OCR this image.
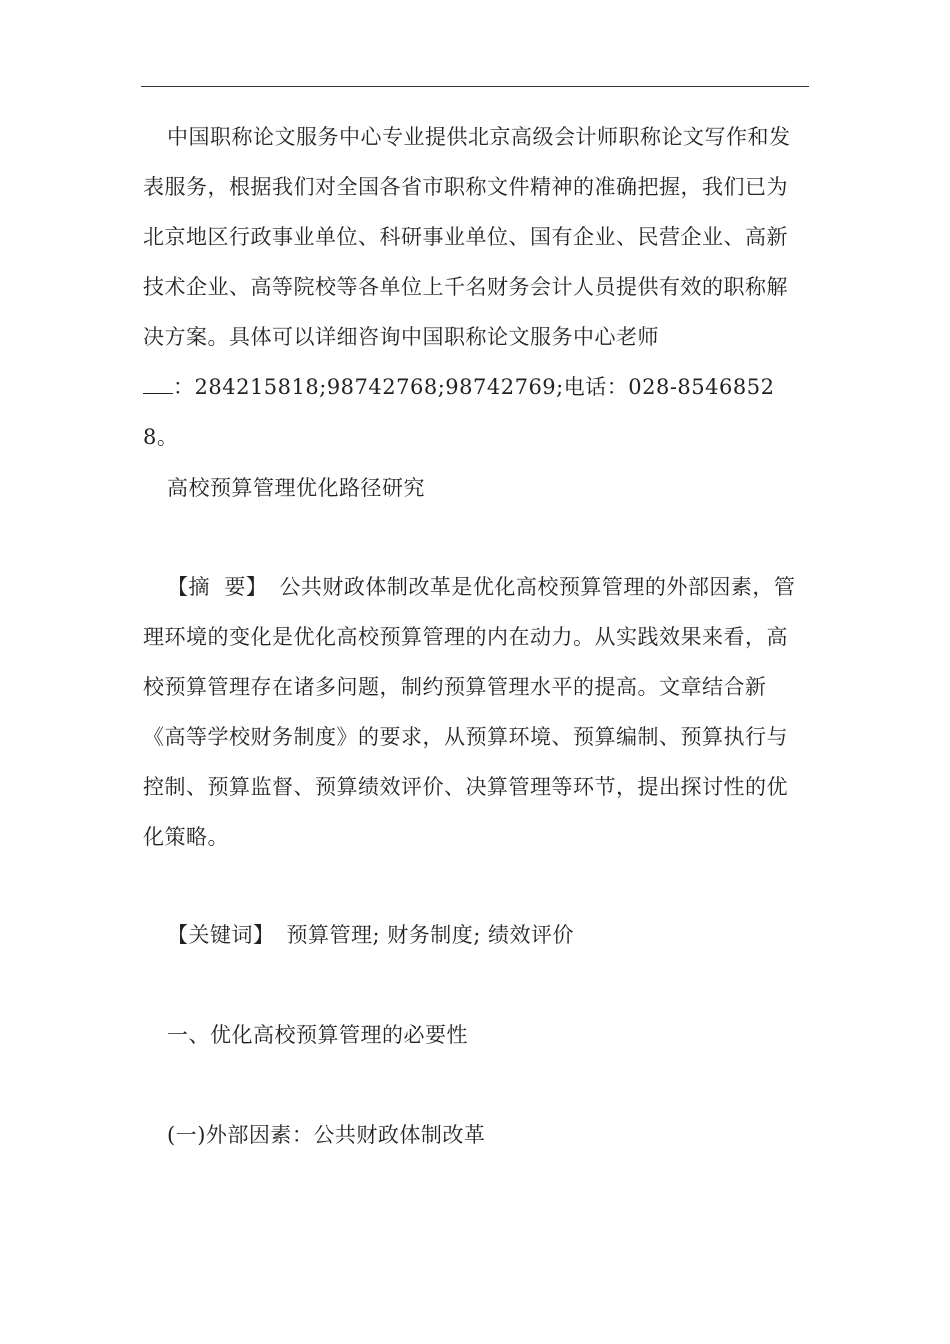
中国职称论文服务中心专业提供北京高级会计师职称论文写作和发表服务，根据我们对全国各省市职称文件精神的准确把握，我们已为北京地区行政事业单位、科研事业单位、国有企业、民营企业、高新技术企业、高等院校等各单位上千名财务会计人员提供有效的职称解决方案。具体可以详细咨询中国职称论文服务中心老师
：284215818;98742768;98742769;电话：028-85468528。

高校预算管理优化路径研究

【摘  要】 公共财政体制改革是优化高校预算管理的外部因素，管理环境的变化是优化高校预算管理的内在动力。从实践效果来看，高校预算管理存在诸多问题，制约预算管理水平的提高。文章结合新《高等学校财务制度》的要求，从预算环境、预算编制、预算执行与控制、预算监督、预算绩效评价、决算管理等环节，提出探讨性的优化策略。

【关键词】 预算管理; 财务制度; 绩效评价

一、优化高校预算管理的必要性

(一)外部因素：公共财政体制改革
